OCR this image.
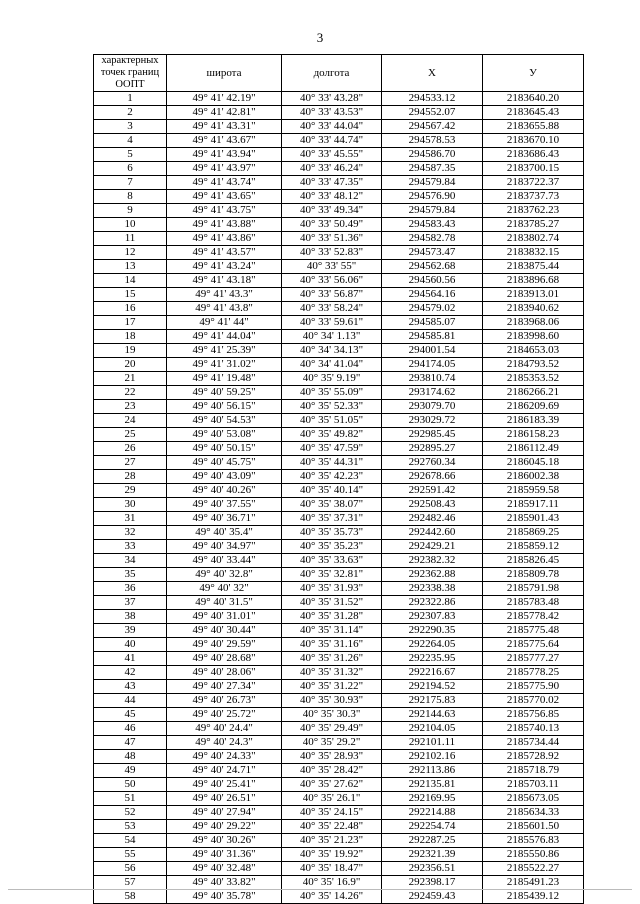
3
характерных точек границ ООПТ	широта	долгота	X	У
1	49° 41' 42.19"	40° 33' 43.28"	294533.12	2183640.20
2	49° 41' 42.81"	40° 33' 43.53"	294552.07	2183645.43
3	49° 41' 43.31"	40° 33' 44.04"	294567.42	2183655.88
4	49° 41' 43.67"	40° 33' 44.74"	294578.53	2183670.10
5	49° 41' 43.94"	40° 33' 45.55"	294586.70	2183686.43
6	49° 41' 43.97"	40° 33' 46.24"	294587.35	2183700.15
7	49° 41' 43.74"	40° 33' 47.35"	294579.84	2183722.37
8	49° 41' 43.65"	40° 33' 48.12"	294576.90	2183737.73
9	49° 41' 43.75"	40° 33' 49.34"	294579.84	2183762.23
10	49° 41' 43.88"	40° 33' 50.49"	294583.43	2183785.27
11	49° 41' 43.86"	40° 33' 51.36"	294582.78	2183802.74
12	49° 41' 43.57"	40° 33' 52.83"	294573.47	2183832.15
13	49° 41' 43.24"	40° 33' 55"	294562.68	2183875.44
14	49° 41' 43.18"	40° 33' 56.06"	294560.56	2183896.68
15	49° 41' 43.3"	40° 33' 56.87"	294564.16	2183913.01
16	49° 41' 43.8"	40° 33' 58.24"	294579.02	2183940.62
17	49° 41' 44"	40° 33' 59.61"	294585.07	2183968.06
18	49° 41' 44.04"	40° 34' 1.13"	294585.81	2183998.60
19	49° 41' 25.39"	40° 34' 34.13"	294001.54	2184653.03
20	49° 41' 31.02"	40° 34' 41.04"	294174.05	2184793.52
21	49° 41' 19.48"	40° 35' 9.19"	293810.74	2185353.52
22	49° 40' 59.25"	40° 35' 55.09"	293174.62	2186266.21
23	49° 40' 56.15"	40° 35' 52.33"	293079.70	2186209.69
24	49° 40' 54.53"	40° 35' 51.05"	293029.72	2186183.39
25	49° 40' 53.08"	40° 35' 49.82"	292985.45	2186158.23
26	49° 40' 50.15"	40° 35' 47.59"	292895.27	2186112.49
27	49° 40' 45.75"	40° 35' 44.31"	292760.34	2186045.18
28	49° 40' 43.09"	40° 35' 42.23"	292678.66	2186002.38
29	49° 40' 40.26"	40° 35' 40.14"	292591.42	2185959.58
30	49° 40' 37.55"	40° 35' 38.07"	292508.43	2185917.11
31	49° 40' 36.71"	40° 35' 37.31"	292482.46	2185901.43
32	49° 40' 35.4"	40° 35' 35.73"	292442.60	2185869.25
33	49° 40' 34.97"	40° 35' 35.23"	292429.21	2185859.12
34	49° 40' 33.44"	40° 35' 33.63"	292382.32	2185826.45
35	49° 40' 32.8"	40° 35' 32.81"	292362.88	2185809.78
36	49° 40' 32"	40° 35' 31.93"	292338.38	2185791.98
37	49° 40' 31.5"	40° 35' 31.52"	292322.86	2185783.48
38	49° 40' 31.01"	40° 35' 31.28"	292307.83	2185778.42
39	49° 40' 30.44"	40° 35' 31.14"	292290.35	2185775.48
40	49° 40' 29.59"	40° 35' 31.16"	292264.05	2185775.64
41	49° 40' 28.68"	40° 35' 31.26"	292235.95	2185777.27
42	49° 40' 28.06"	40° 35' 31.32"	292216.67	2185778.25
43	49° 40' 27.34"	40° 35' 31.22"	292194.52	2185775.90
44	49° 40' 26.73"	40° 35' 30.93"	292175.83	2185770.02
45	49° 40' 25.72"	40° 35' 30.3"	292144.63	2185756.85
46	49° 40' 24.4"	40° 35' 29.49"	292104.05	2185740.13
47	49° 40' 24.3"	40° 35' 29.2"	292101.11	2185734.44
48	49° 40' 24.33"	40° 35' 28.93"	292102.16	2185728.92
49	49° 40' 24.71"	40° 35' 28.42"	292113.86	2185718.79
50	49° 40' 25.41"	40° 35' 27.62"	292135.81	2185703.11
51	49° 40' 26.51"	40° 35' 26.1"	292169.95	2185673.05
52	49° 40' 27.94"	40° 35' 24.15"	292214.88	2185634.33
53	49° 40' 29.22"	40° 35' 22.48"	292254.74	2185601.50
54	49° 40' 30.26"	40° 35' 21.23"	292287.25	2185576.83
55	49° 40' 31.36"	40° 35' 19.92"	292321.39	2185550.86
56	49° 40' 32.48"	40° 35' 18.47"	292356.51	2185522.27
57	49° 40' 33.82"	40° 35' 16.9"	292398.17	2185491.23
58	49° 40' 35.78"	40° 35' 14.26"	292459.43	2185439.12
